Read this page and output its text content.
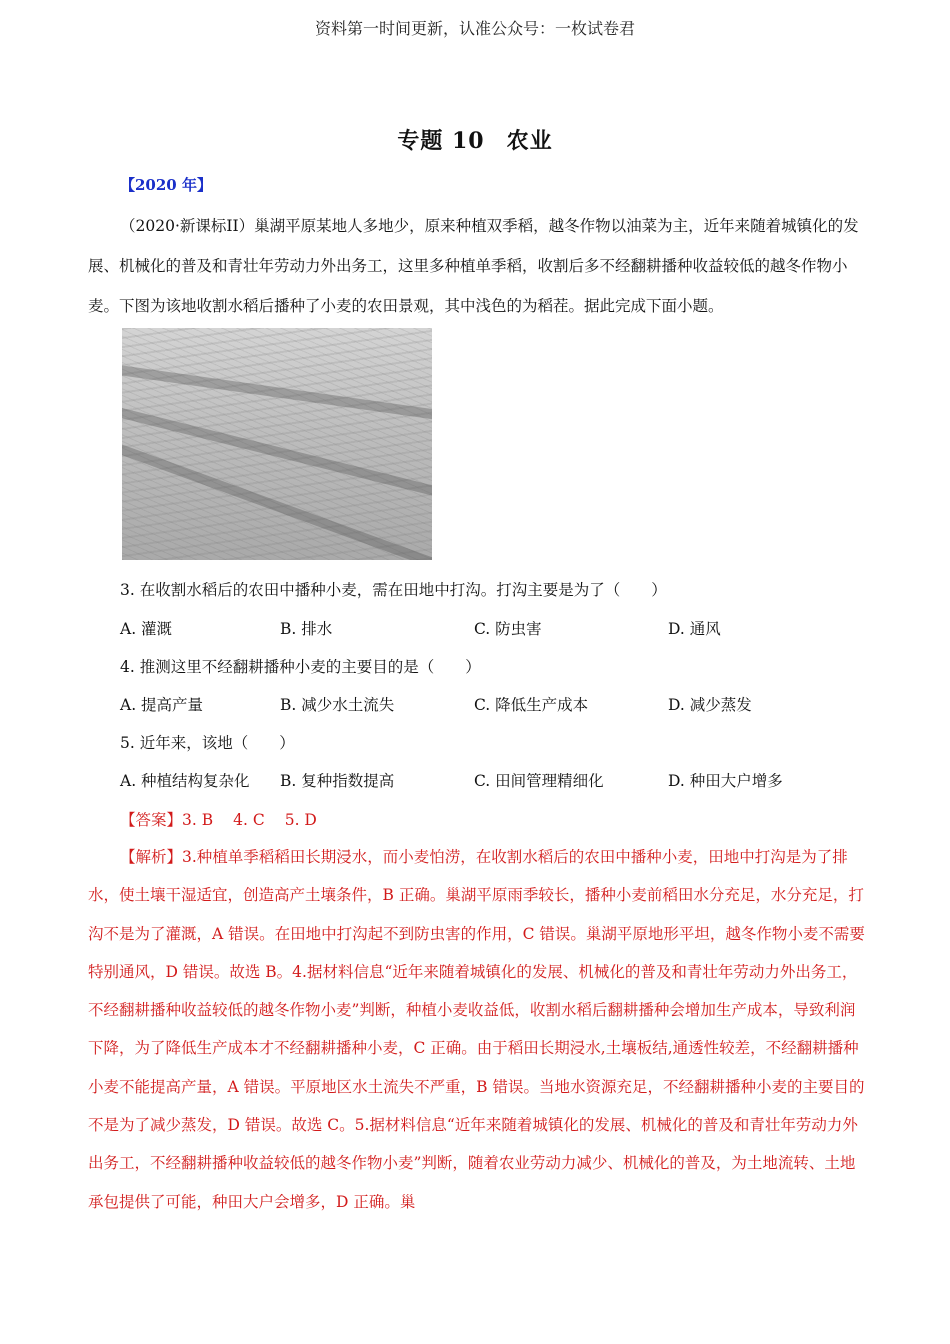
资料第一时间更新，认准公众号：一枚试卷君
专题 10 农业
【2020 年】
（2020·新课标II）巢湖平原某地人多地少，原来种植双季稻，越冬作物以油菜为主，近年来随着城镇化的发展、机械化的普及和青壮年劳动力外出务工，这里多种植单季稻，收割后多不经翻耕播种收益较低的越冬作物小麦。下图为该地收割水稻后播种了小麦的农田景观，其中浅色的为稻茬。据此完成下面小题。
3. 在收割水稻后的农田中播种小麦，需在田地中打沟。打沟主要是为了（　　）
A. 灌溉	B. 排水	C. 防虫害	D. 通风
4. 推测这里不经翻耕播种小麦的主要目的是（　　）
A. 提高产量	B. 减少水土流失	C. 降低生产成本	D. 减少蒸发
5. 近年来，该地（　　）
A. 种植结构复杂化 B. 复种指数提高	C. 田间管理精细化	D. 种田大户增多
【答案】3. B 4. C 5. D
【解析】3.种植单季稻稻田长期浸水，而小麦怕涝，在收割水稻后的农田中播种小麦，田地中打沟是为了排水，使土壤干湿适宜，创造高产土壤条件，B 正确。巢湖平原雨季较长，播种小麦前稻田水分充足，水分充足，打沟不是为了灌溉，A 错误。在田地中打沟起不到防虫害的作用，C 错误。巢湖平原地形平坦，越冬作物小麦不需要特别通风，D 错误。故选 B。4.据材料信息“近年来随着城镇化的发展、机械化的普及和青壮年劳动力外出务工，不经翻耕播种收益较低的越冬作物小麦”判断，种植小麦收益低，收割水稻后翻耕播种会增加生产成本，导致利润下降，为了降低生产成本才不经翻耕播种小麦，C 正确。由于稻田长期浸水,土壤板结,通透性较差，不经翻耕播种小麦不能提高产量，A 错误。平原地区水土流失不严重，B 错误。当地水资源充足，不经翻耕播种小麦的主要目的不是为了减少蒸发，D 错误。故选 C。5.据材料信息“近年来随着城镇化的发展、机械化的普及和青壮年劳动力外出务工，不经翻耕播种收益较低的越冬作物小麦”判断，随着农业劳动力减少、机械化的普及，为土地流转、土地承包提供了可能，种田大户会增多，D 正确。巢
